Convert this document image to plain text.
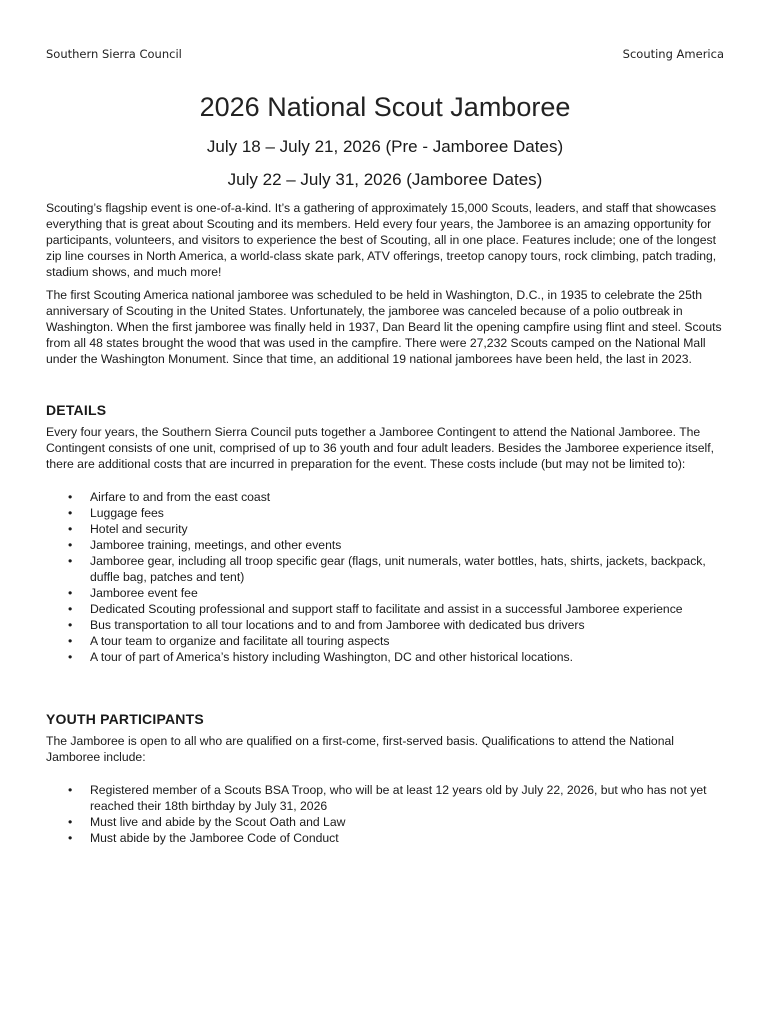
Southern Sierra Council	Scouting America
2026 National Scout Jamboree
July 18 – July 21, 2026 (Pre - Jamboree Dates)
July 22 – July 31, 2026 (Jamboree Dates)

Scouting’s flagship event is one-of-a-kind. It’s a gathering of approximately 15,000 Scouts, leaders, and staff that showcases everything that is great about Scouting and its members. Held every four years, the Jamboree is an amazing opportunity for participants, volunteers, and visitors to experience the best of Scouting, all in one place. Features include; one of the longest zip line courses in North America, a world-class skate park, ATV offerings, treetop canopy tours, rock climbing, patch trading, stadium shows, and much more!

The first Scouting America national jamboree was scheduled to be held in Washington, D.C., in 1935 to celebrate the 25th anniversary of Scouting in the United States. Unfortunately, the jamboree was canceled because of a polio outbreak in Washington. When the first jamboree was finally held in 1937, Dan Beard lit the opening campfire using flint and steel. Scouts from all 48 states brought the wood that was used in the campfire. There were 27,232 Scouts camped on the National Mall under the Washington Monument. Since that time, an additional 19 national jamborees have been held, the last in 2023.

DETAILS

Every four years, the Southern Sierra Council puts together a Jamboree Contingent to attend the National Jamboree. The Contingent consists of one unit, comprised of up to 36 youth and four adult leaders. Besides the Jamboree experience itself, there are additional costs that are incurred in preparation for the event. These costs include (but may not be limited to):

• Airfare to and from the east coast
• Luggage fees
• Hotel and security
• Jamboree training, meetings, and other events
• Jamboree gear, including all troop specific gear (flags, unit numerals, water bottles, hats, shirts, jackets, backpack, duffle bag, patches and tent)
• Jamboree event fee
• Dedicated Scouting professional and support staff to facilitate and assist in a successful Jamboree experience
• Bus transportation to all tour locations and to and from Jamboree with dedicated bus drivers
• A tour team to organize and facilitate all touring aspects
• A tour of part of America’s history including Washington, DC and other historical locations.
YOUTH PARTICIPANTS

The Jamboree is open to all who are qualified on a first-come, first-served basis. Qualifications to attend the National Jamboree include:

• Registered member of a Scouts BSA Troop, who will be at least 12 years old by July 22, 2026, but who has not yet reached their 18th birthday by July 31, 2026
• Must live and abide by the Scout Oath and Law
• Must abide by the Jamboree Code of Conduct
